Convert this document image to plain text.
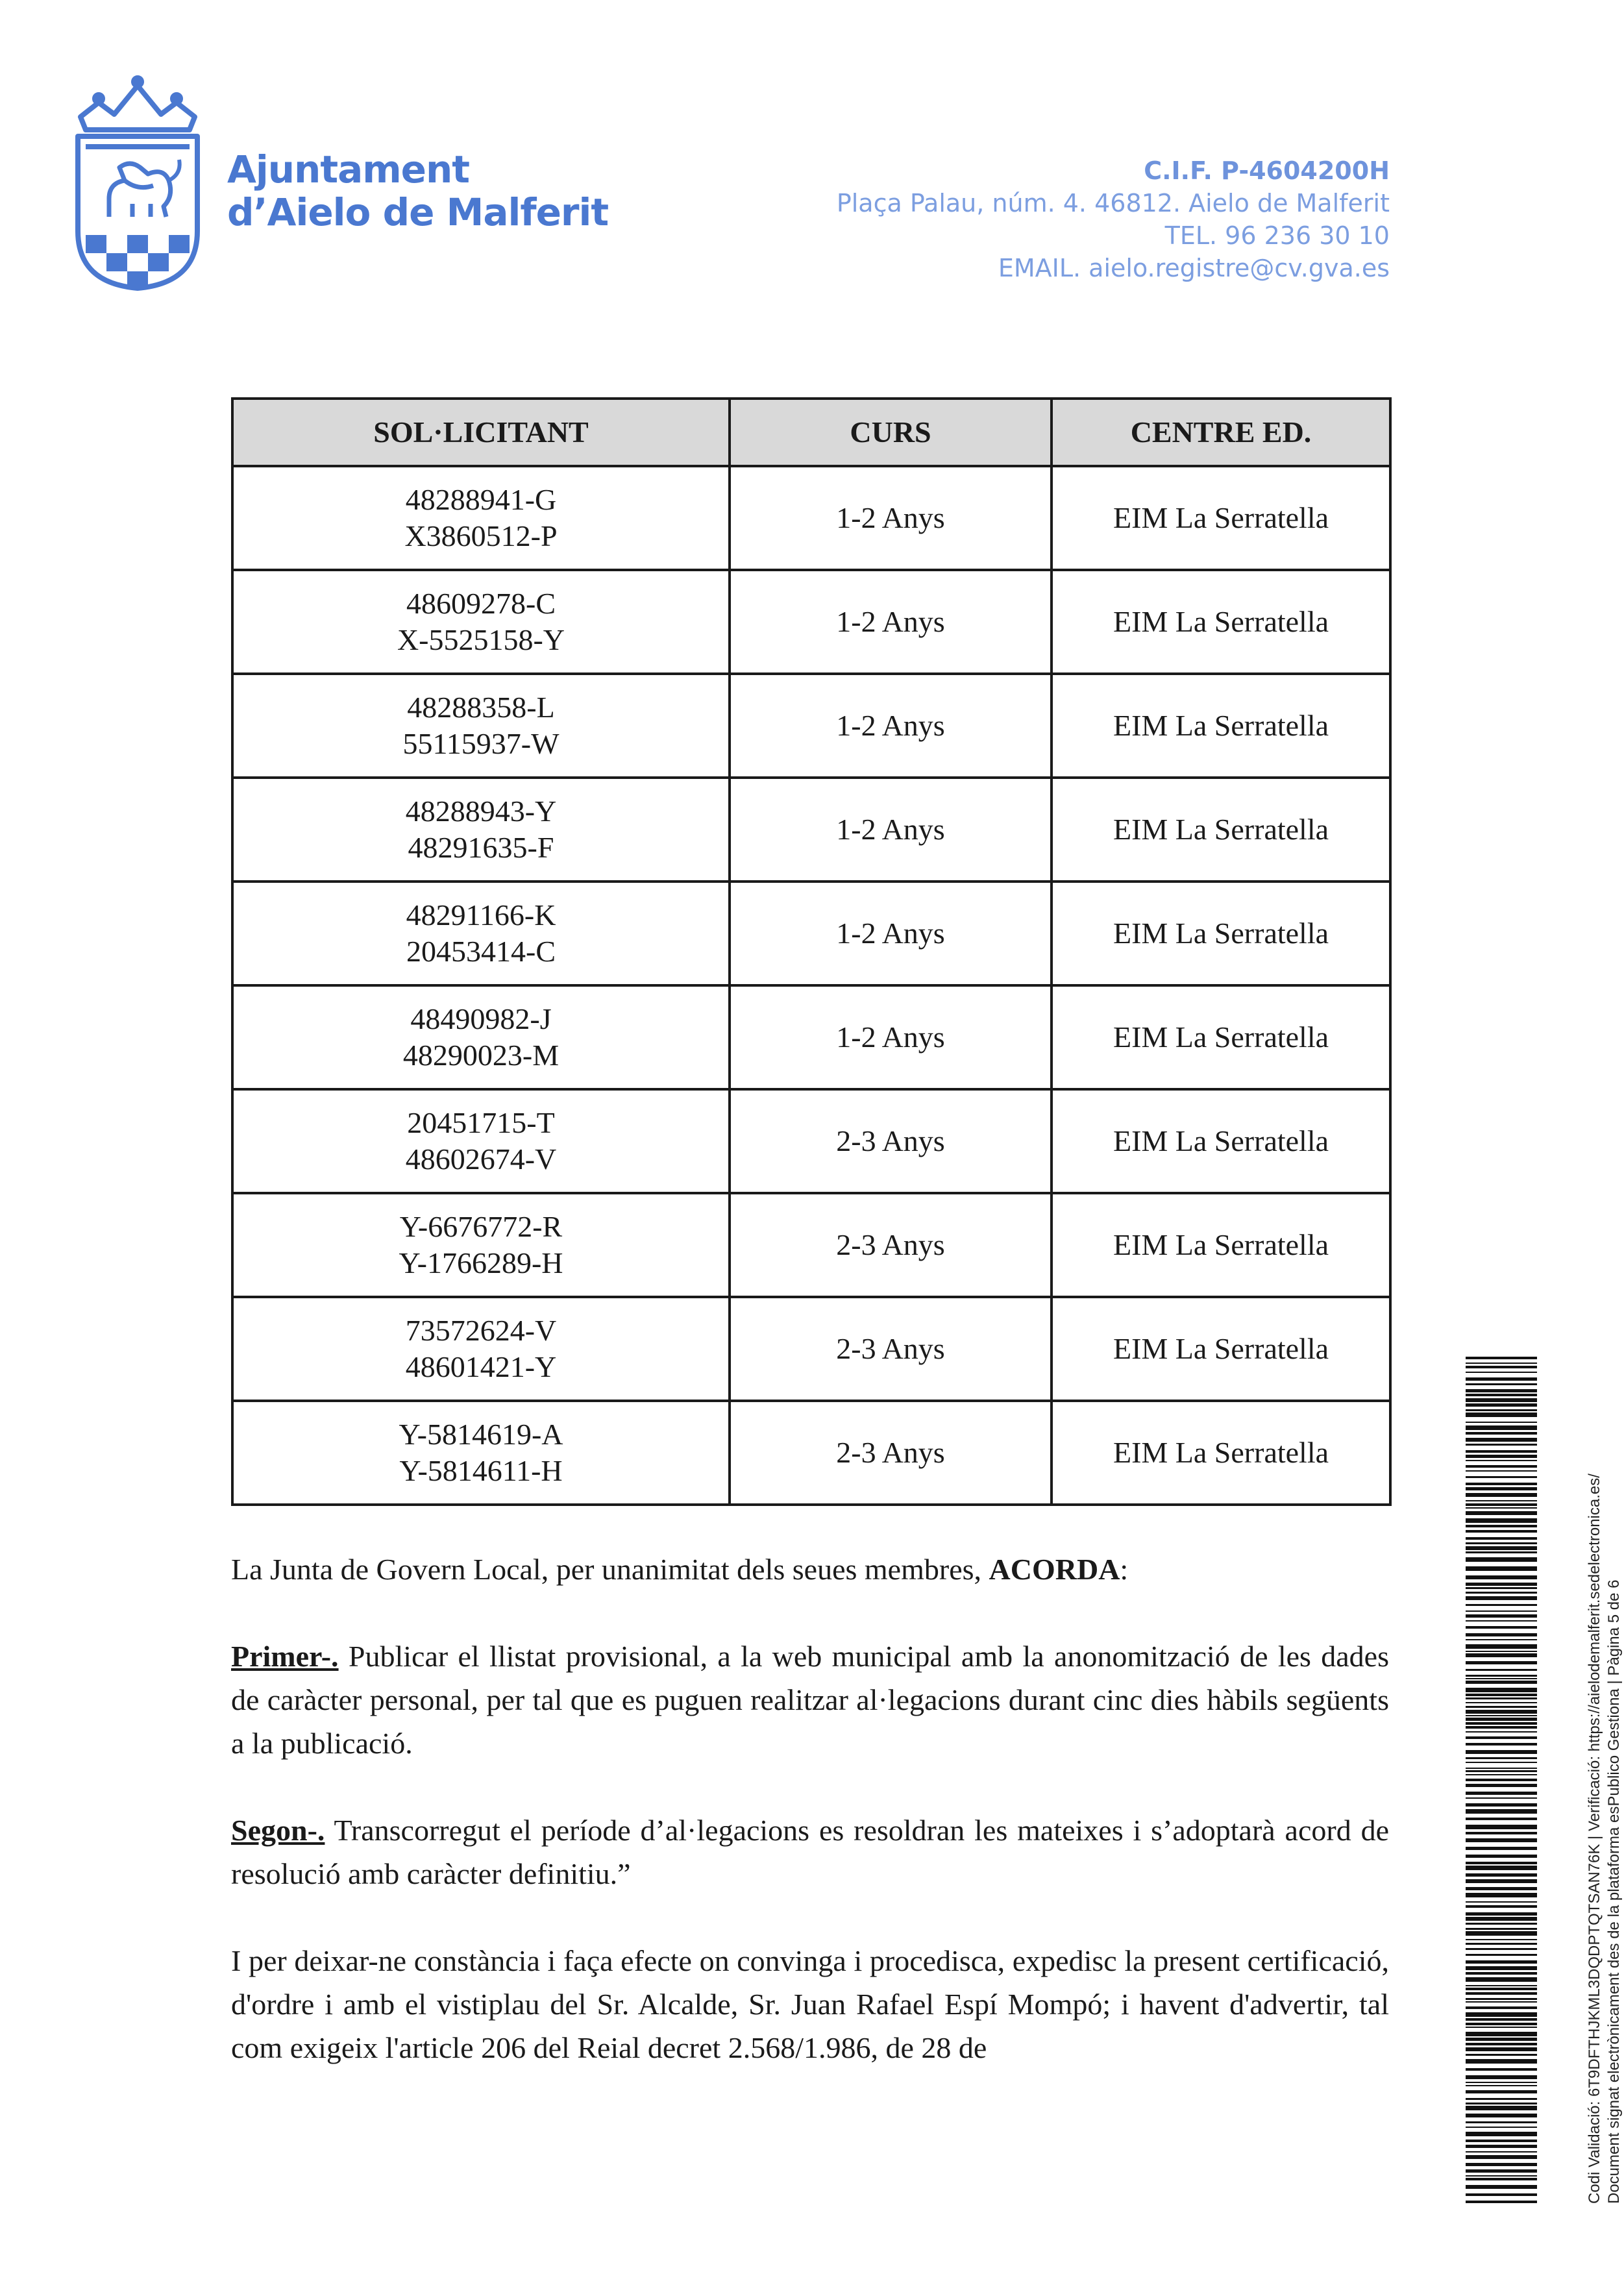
Ajuntament
d’Aielo de Malferit
C.I.F. P-4604200H
Plaça Palau, núm. 4. 46812. Aielo de Malferit
TEL. 96 236 30 10
EMAIL. aielo.registre@cv.gva.es
SOL·LICITANT	CURS	CENTRE ED.

48288941-G
X3860512-P	1-2 Anys	EIM La Serratella

48609278-C
X-5525158-Y	1-2 Anys	EIM La Serratella

48288358-L
55115937-W	1-2 Anys	EIM La Serratella

48288943-Y
48291635-F	1-2 Anys	EIM La Serratella

48291166-K
20453414-C	1-2 Anys	EIM La Serratella

48490982-J
48290023-M	1-2 Anys	EIM La Serratella

20451715-T
48602674-V	2-3 Anys	EIM La Serratella

Y-6676772-R
Y-1766289-H	2-3 Anys	EIM La Serratella

73572624-V
48601421-Y	2-3 Anys	EIM La Serratella

Y-5814619-A
Y-5814611-H	2-3 Anys	EIM La Serratella

La Junta de Govern Local, per unanimitat dels seues membres, ACORDA:

Primer-. Publicar el llistat provisional, a la web municipal amb la anonomització de les dades de caràcter personal, per tal que es puguen realitzar al·legacions durant cinc dies hàbils següents a la publicació.

Segon-. Transcorregut el període d’al·legacions es resoldran les mateixes i s’adoptarà acord de resolució amb caràcter definitiu.”

I per deixar-ne constància i faça efecte on convinga i procedisca, expedisc la present certificació, d'ordre i amb el vistiplau del Sr. Alcalde, Sr. Juan Rafael Espí Mompó; i havent d'advertir, tal com exigeix l'article 206 del Reial decret 2.568/1.986, de 28 de	Codi Validació: 6T9DFTHJKML3DQDPTQTSAN76K | Verificació: https://aielodemalferit.sedelectronica.es/ Document signat electrònicament des de la plataforma esPublico Gestiona | Pàgina 5 de 6
